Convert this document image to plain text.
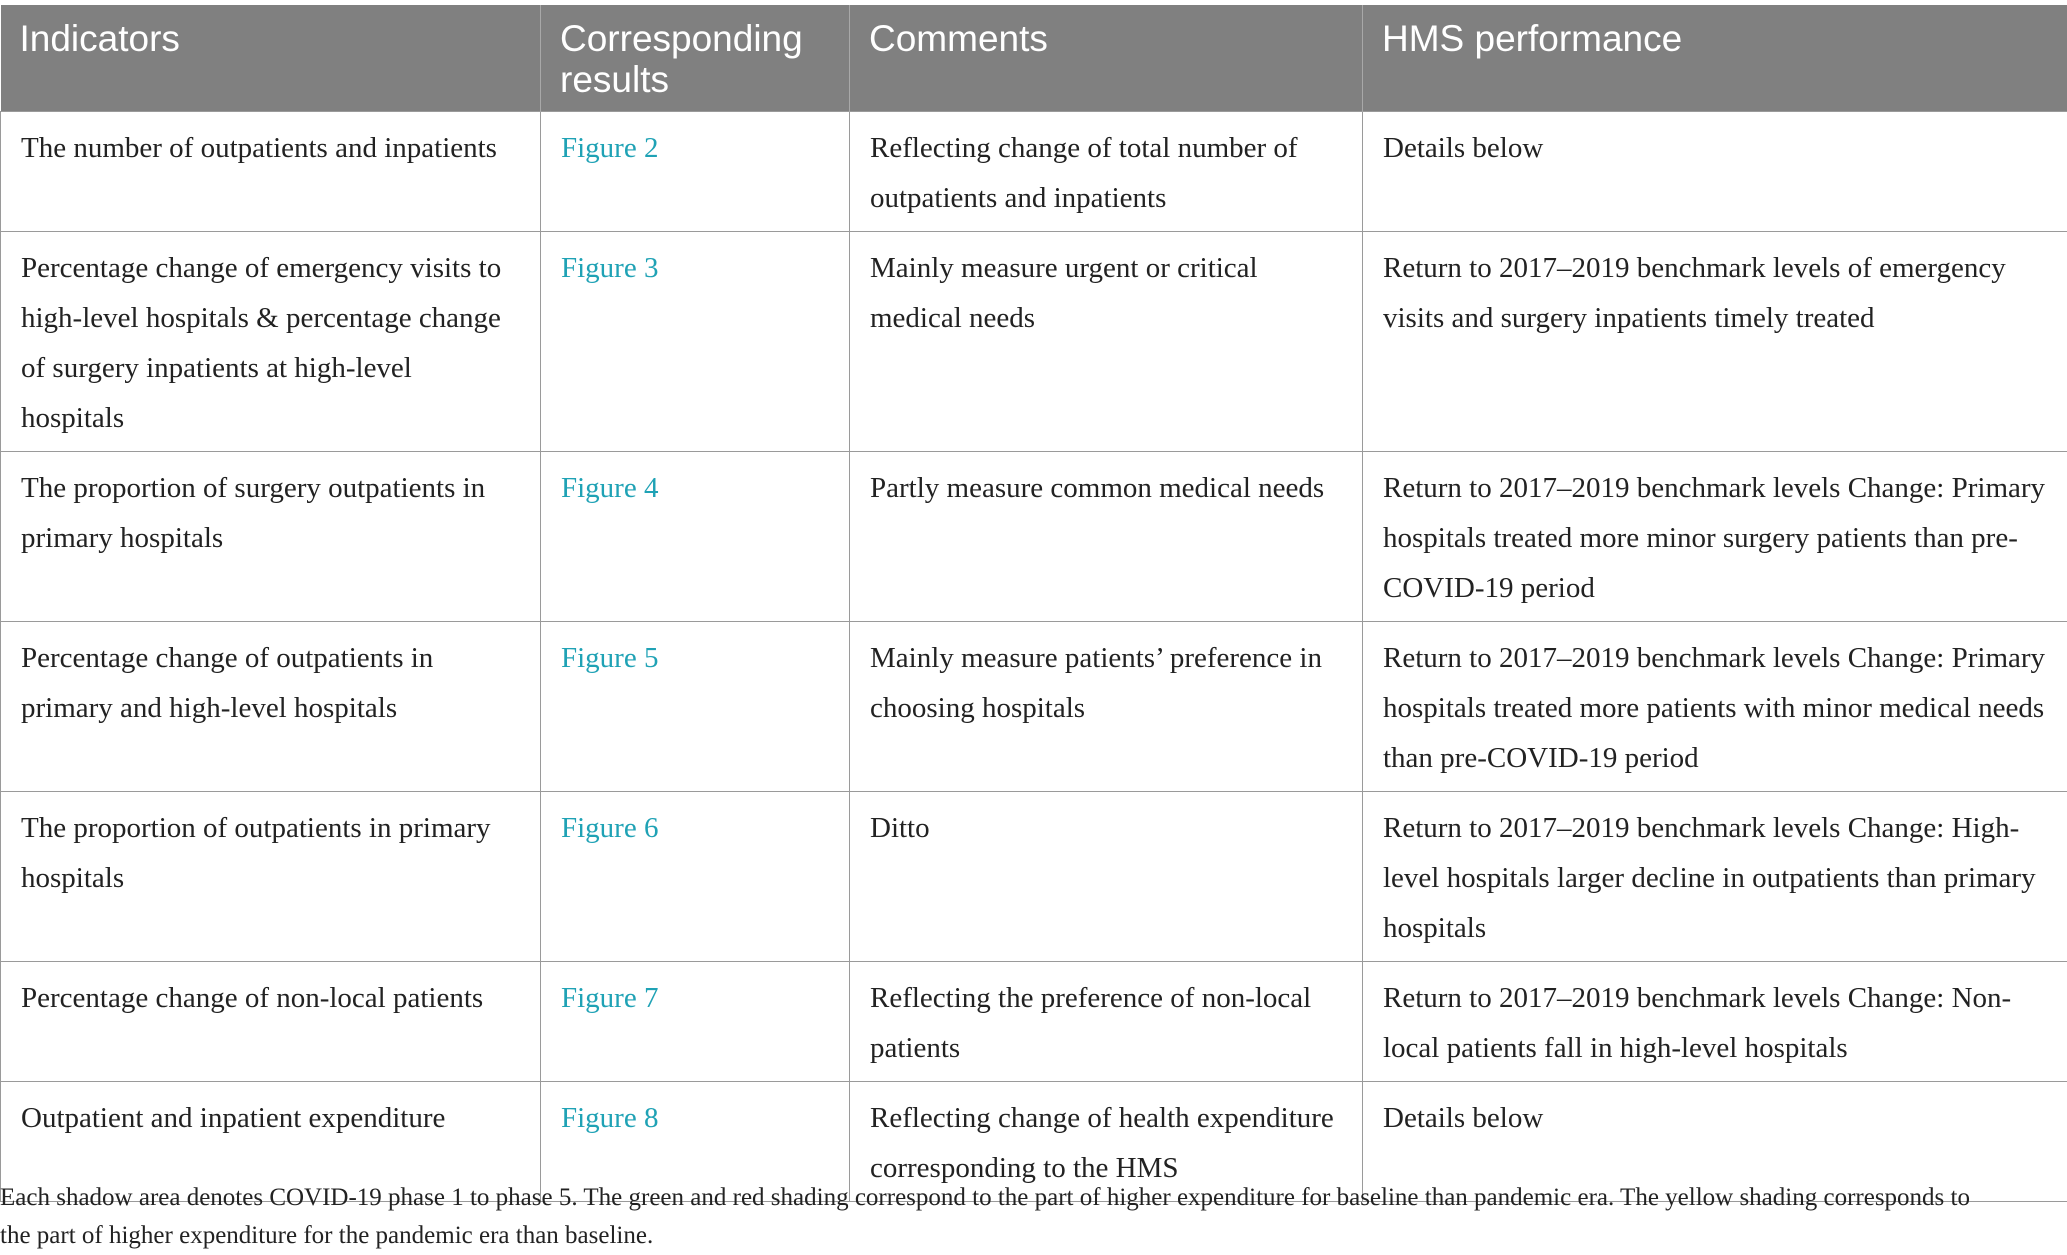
Indicators	Corresponding results	Comments	HMS performance
The number of outpatients and inpatients	Figure 2	Reflecting change of total number of outpatients and inpatients	Details below
Percentage change of emergency visits to high-level hospitals & percentage change of surgery inpatients at high-level hospitals	Figure 3	Mainly measure urgent or critical medical needs	Return to 2017–2019 benchmark levels of emergency visits and surgery inpatients timely treated
The proportion of surgery outpatients in primary hospitals	Figure 4	Partly measure common medical needs	Return to 2017–2019 benchmark levels Change: Primary hospitals treated more minor surgery patients than pre-COVID-19 period
Percentage change of outpatients in primary and high-level hospitals	Figure 5	Mainly measure patients’ preference in choosing hospitals	Return to 2017–2019 benchmark levels Change: Primary hospitals treated more patients with minor medical needs than pre-COVID-19 period
The proportion of outpatients in primary hospitals	Figure 6	Ditto	Return to 2017–2019 benchmark levels Change: High-level hospitals larger decline in outpatients than primary hospitals
Percentage change of non-local patients	Figure 7	Reflecting the preference of non-local patients	Return to 2017–2019 benchmark levels Change: Non-local patients fall in high-level hospitals
Outpatient and inpatient expenditure	Figure 8	Reflecting change of health expenditure corresponding to the HMS	Details below

Each shadow area denotes COVID-19 phase 1 to phase 5. The green and red shading correspond to the part of higher expenditure for baseline than pandemic era. The yellow shading corresponds to the part of higher expenditure for the pandemic era than baseline.
